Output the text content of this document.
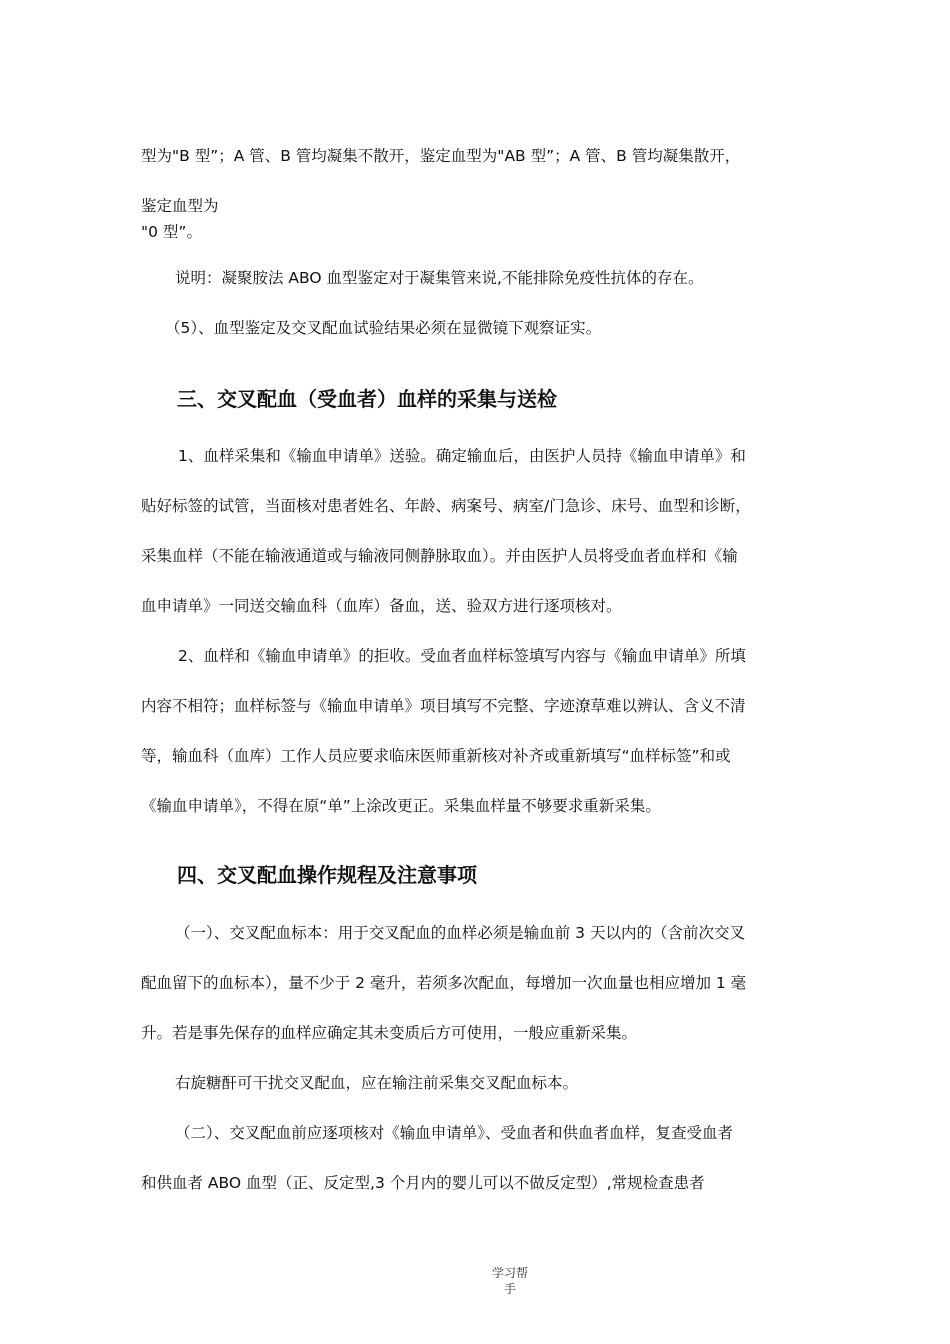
型为"B 型”；A 管、B 管均凝集不散开，鉴定血型为"AB 型”；A 管、B 管均凝集散开，
鉴定血型为
"0 型”。
说明：凝聚胺法 ABO 血型鉴定对于凝集管来说,不能排除免疫性抗体的存在。
（5）、血型鉴定及交叉配血试验结果必须在显微镜下观察证实。
三、交叉配血（受血者）血样的采集与送检
1、血样采集和《输血申请单》送验。确定输血后，由医护人员持《输血申请单》和
贴好标签的试管，当面核对患者姓名、年龄、病案号、病室/门急诊、床号、血型和诊断，
采集血样（不能在输液通道或与输液同侧静脉取血）。并由医护人员将受血者血样和《输
血申请单》一同送交输血科（血库）备血，送、验双方进行逐项核对。
2、血样和《输血申请单》的拒收。受血者血样标签填写内容与《输血申请单》所填
内容不相符；血样标签与《输血申请单》项目填写不完整、字迹潦草难以辨认、含义不清
等，输血科（血库）工作人员应要求临床医师重新核对补齐或重新填写“血样标签”和或
《输血申请单》，不得在原“单”上涂改更正。采集血样量不够要求重新采集。
四、交叉配血操作规程及注意事项
（一）、交叉配血标本：用于交叉配血的血样必须是输血前 3 天以内的（含前次交叉
配血留下的血标本），量不少于 2 毫升，若须多次配血，每增加一次血量也相应增加 1 毫
升。若是事先保存的血样应确定其未变质后方可使用，一般应重新采集。
右旋糖酐可干扰交叉配血，应在输注前采集交叉配血标本。
（二）、交叉配血前应逐项核对《输血申请单》、受血者和供血者血样，复查受血者
和供血者 ABO 血型（正、反定型,3 个月内的婴儿可以不做反定型）,常规检查患者
学习帮
手
